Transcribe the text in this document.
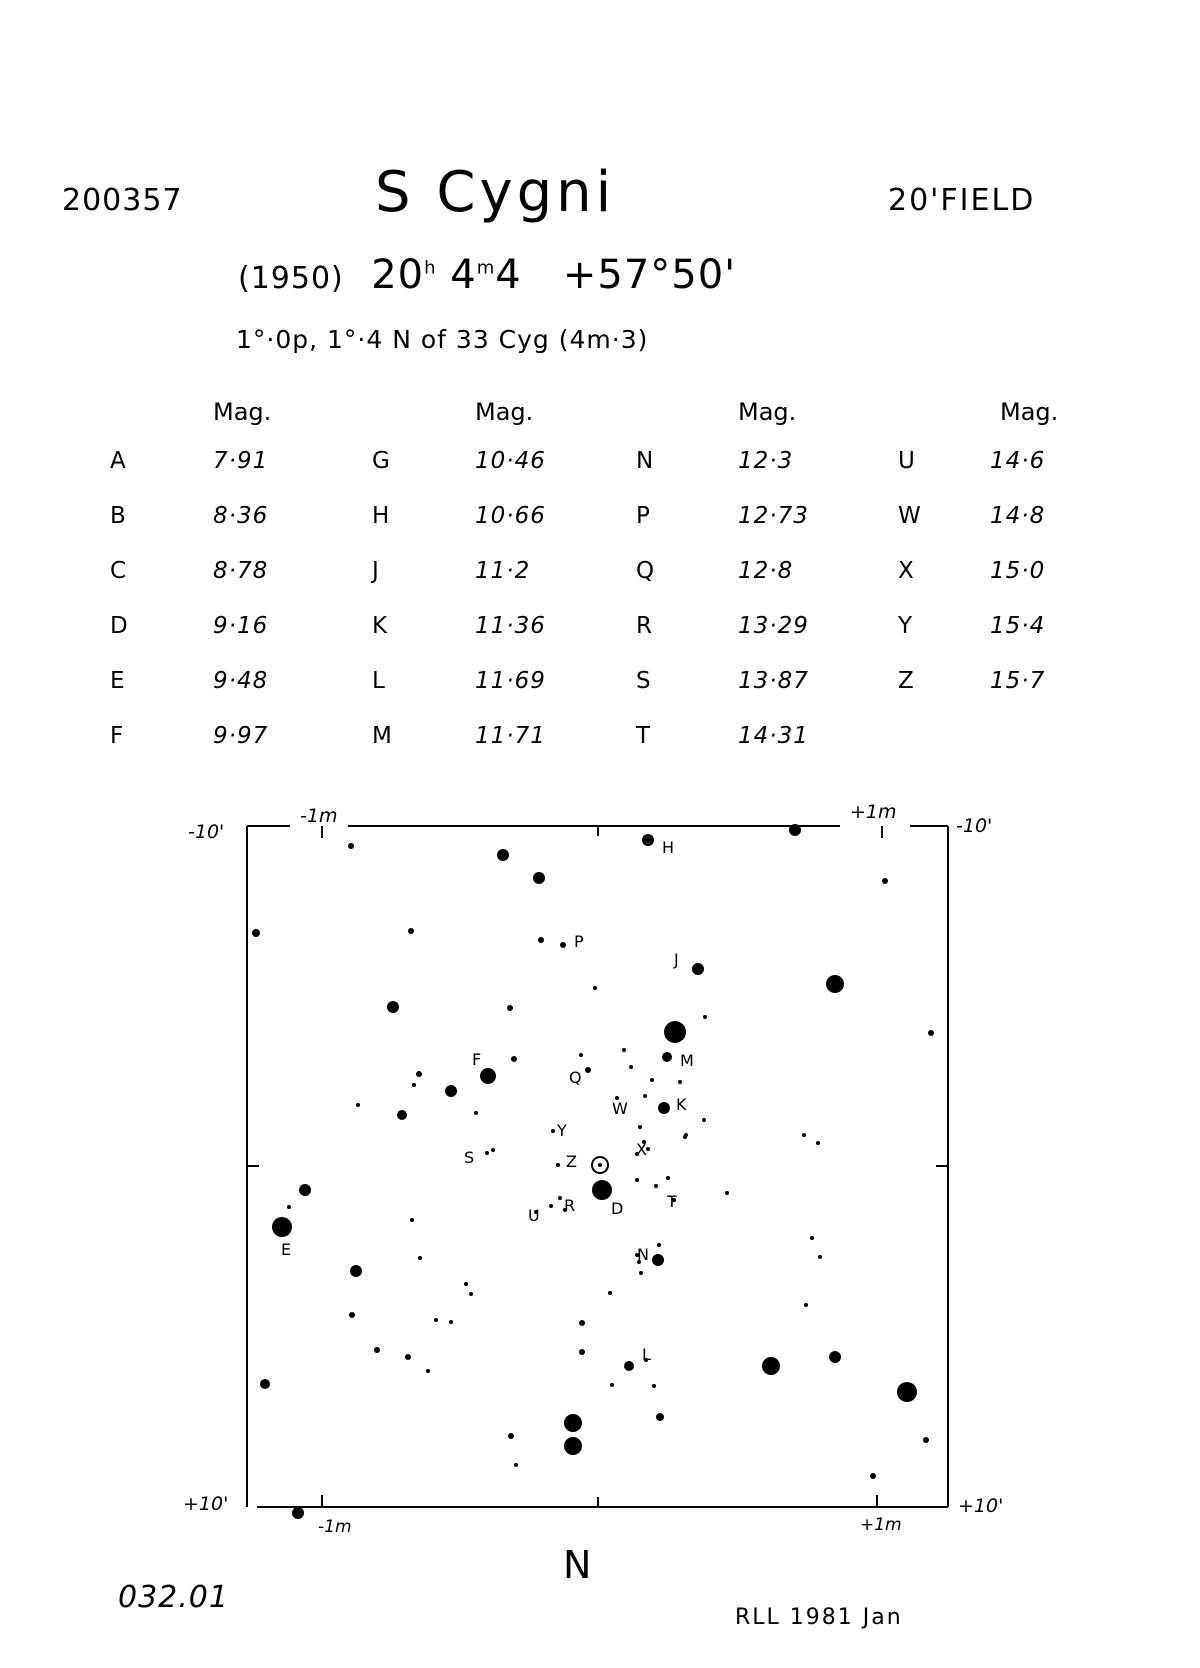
200357	S Cygni	20'FIELD
(1950) 20$^h$ $4^m4 +57^\circ 50'$
1°·0p, 1°·4 N of 33 Cyg (4m·3)
Mag.
A	7·91
B	8·36
C	8·78
D	9·16
E	9·48
F	9·97
Mag.
G	10·46
H	10·66
J	11·2
K	11·36
L	11·69
M	11·71
Mag.
N	12·3
P	12·73
Q	12·8
R	13·29
S	13·87
T	14·31
Mag.
U	14·6
W	14·8
X	15·0
Y	15·4
Z	15·7
-10'	-10'
+10'	+10'
-1m	+1m
-1m	+1m
N
H
P
J
M
F
Q
W	K
Y
S	X
Z
R D	T
U
E	N
L
032.01
RLL 1981 Jan
